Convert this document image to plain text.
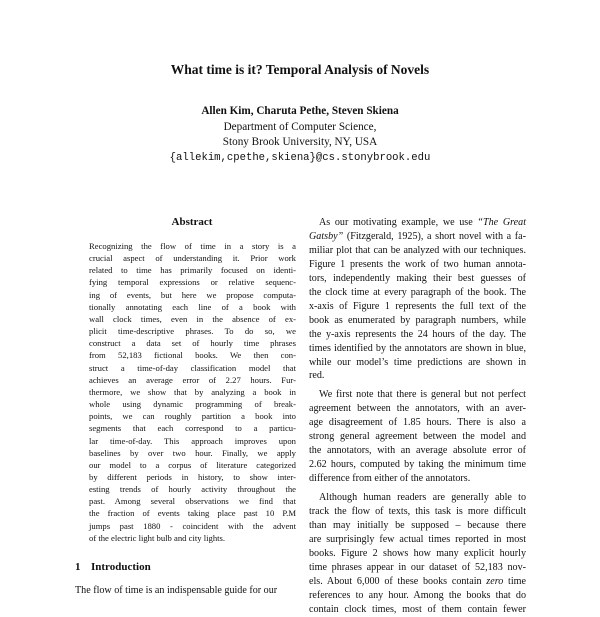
What time is it? Temporal Analysis of Novels
Allen Kim, Charuta Pethe, Steven Skiena
Department of Computer Science,
Stony Brook University, NY, USA
{allekim,cpethe,skiena}@cs.stonybrook.edu
Abstract
Recognizing the flow of time in a story is a
crucial aspect of understanding it. Prior work
related to time has primarily focused on identi-
fying temporal expressions or relative sequenc-
ing of events, but here we propose computa-
tionally annotating each line of a book with
wall clock times, even in the absence of ex-
plicit time-descriptive phrases. To do so, we
construct a data set of hourly time phrases
from 52,183 fictional books. We then con-
struct a time-of-day classification model that
achieves an average error of 2.27 hours. Fur-
thermore, we show that by analyzing a book in
whole using dynamic programming of break-
points, we can roughly partition a book into
segments that each correspond to a particu-
lar time-of-day. This approach improves upon
baselines by over two hour. Finally, we apply
our model to a corpus of literature categorized
by different periods in history, to show inter-
esting trends of hourly activity throughout the
past. Among several observations we find that
the fraction of events taking place past 10 P.M
jumps past 1880 - coincident with the advent
of the electric light bulb and city lights.
1 Introduction
The flow of time is an indispensable guide for our
As our motivating example, we use “The Great
Gatsby” (Fitzgerald, 1925), a short novel with a fa-
miliar plot that can be analyzed with our techniques.
Figure 1 presents the work of two human annota-
tors, independently making their best guesses of
the clock time at every paragraph of the book. The
x-axis of Figure 1 represents the full text of the
book as enumerated by paragraph numbers, while
the y-axis represents the 24 hours of the day. The
times identified by the annotators are shown in blue,
while our model’s time predictions are shown in
red.
We first note that there is general but not perfect
agreement between the annotators, with an aver-
age disagreement of 1.85 hours. There is also a
strong general agreement between the model and
the annotators, with an average absolute error of
2.62 hours, computed by taking the minimum time
difference from either of the annotators.
Although human readers are generally able to
track the flow of texts, this task is more difficult
than may initially be supposed – because there
are surprisingly few actual times reported in most
books. Figure 2 shows how many explicit hourly
time phrases appear in our dataset of 52,183 nov-
els. About 6,000 of these books contain zero time
references to any hour. Among the books that do
contain clock times, most of them contain fewer
